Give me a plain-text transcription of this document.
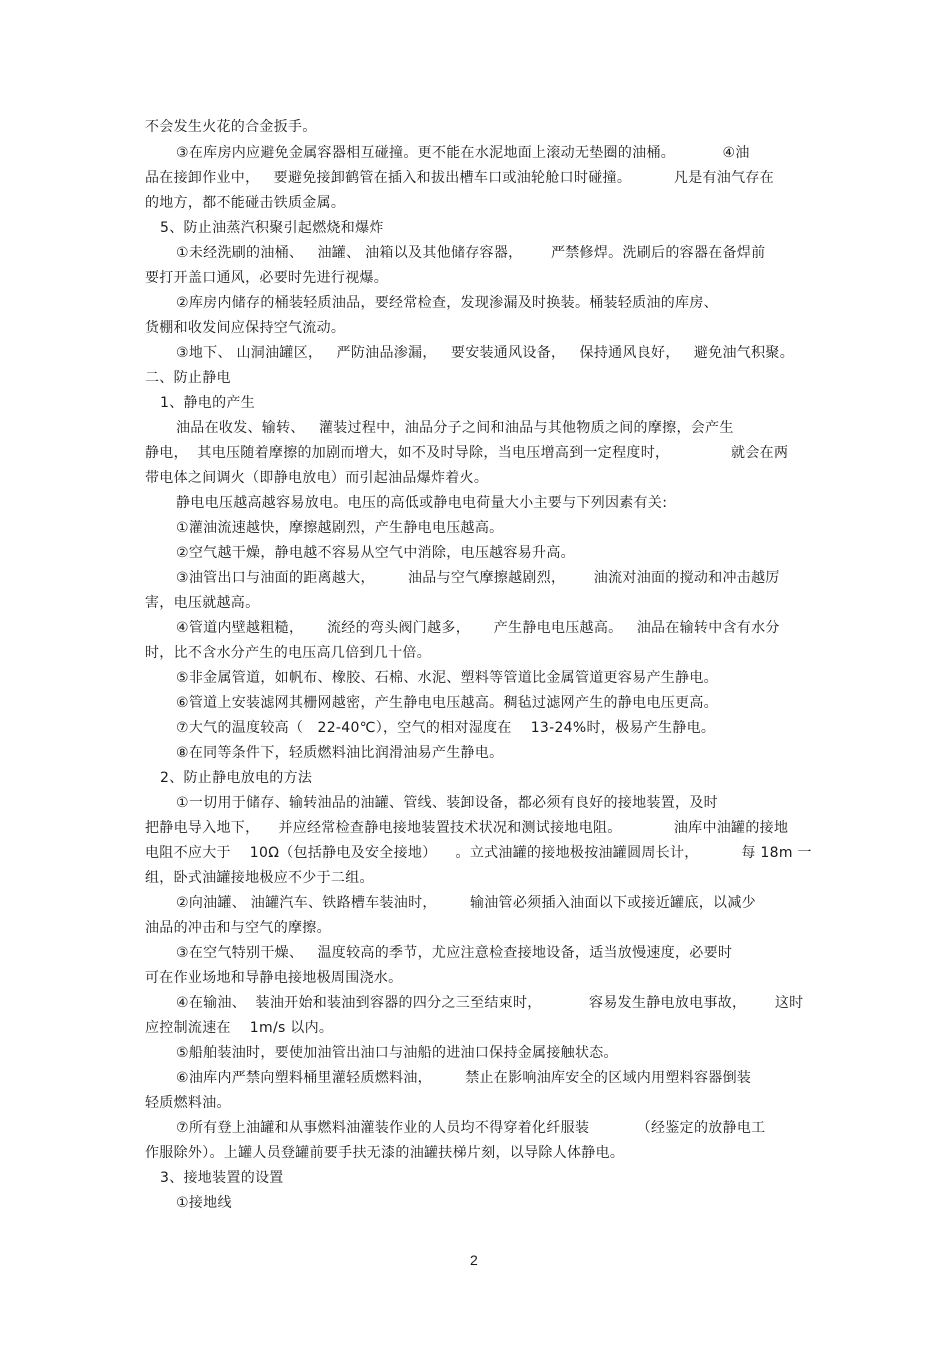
不会发生火花的合金扳手。
③在库房内应避免金属容器相互碰撞。更不能在水泥地面上滚动无垫圈的油桶。          ④油
品在接卸作业中，   要避免接卸鹤管在插入和拔出槽车口或油轮舱口时碰撞。         凡是有油气存在
的地方，都不能碰击铁质金属。
5、防止油蒸汽积聚引起燃烧和爆炸
①未经洗刷的油桶、   油罐、 油箱以及其他储存容器，      严禁修焊。洗刷后的容器在备焊前
要打开盖口通风，必要时先进行视爆。
②库房内储存的桶装轻质油品，要经常检查，发现渗漏及时换装。桶装轻质油的库房、
货棚和收发间应保持空气流动。
③地下、 山洞油罐区，   严防油品渗漏，   要安装通风设备，   保持通风良好，   避免油气积聚。
二、防止静电
1、静电的产生
油品在收发、输转、   灌装过程中，油品分子之间和油品与其他物质之间的摩擦，会产生
静电，  其电压随着摩擦的加剧而增大，如不及时导除，当电压增高到一定程度时，             就会在两
带电体之间调火（即静电放电）而引起油品爆炸着火。
静电电压越高越容易放电。电压的高低或静电电荷量大小主要与下列因素有关:
①灌油流速越快，摩擦越剧烈，产生静电电压越高。
②空气越干燥，静电越不容易从空气中消除，电压越容易升高。
③油管出口与油面的距离越大，       油品与空气摩擦越剧烈，      油流对油面的搅动和冲击越厉
害，电压就越高。
④管道内壁越粗糙，     流经的弯头阀门越多，     产生静电电压越高。   油品在输转中含有水分
时，比不含水分产生的电压高几倍到几十倍。
⑤非金属管道，如帆布、橡胶、石棉、水泥、塑料等管道比金属管道更容易产生静电。
⑥管道上安装滤网其栅网越密，产生静电电压越高。稠毡过滤网产生的静电电压更高。
⑦大气的温度较高（   22-40℃），空气的相对湿度在    13-24%时，极易产生静电。
⑧在同等条件下，轻质燃料油比润滑油易产生静电。
2、防止静电放电的方法
①一切用于储存、输转油品的油罐、管线、装卸设备，都必须有良好的接地装置，及时
把静电导入地下，    并应经常检查静电接地装置技术状况和测试接地电阻。           油库中油罐的接地
电阻不应大于    10Ω（包括静电及安全接地）    。立式油罐的接地极按油罐圆周长计，         每 18m 一
组，卧式油罐接地极应不少于二组。
②向油罐、 油罐汽车、铁路槽车装油时，       输油管必须插入油面以下或接近罐底，以减少
油品的冲击和与空气的摩擦。
③在空气特别干燥、   温度较高的季节，尤应注意检查接地设备，适当放慢速度，必要时
可在作业场地和导静电接地极周围浇水。
④在输油、  装油开始和装油到容器的四分之三至结束时，          容易发生静电放电事故，      这时
应控制流速在    1m/s 以内。
⑤船舶装油时，要使加油管出油口与油船的进油口保持金属接触状态。
⑥油库内严禁向塑料桶里灌轻质燃料油，       禁止在影响油库安全的区域内用塑料容器倒装
轻质燃料油。
⑦所有登上油罐和从事燃料油灌装作业的人员均不得穿着化纤服装          （经鉴定的放静电工
作服除外）。上罐人员登罐前要手扶无漆的油罐扶梯片刻，以导除人体静电。
3、接地装置的设置
①接地线
2
